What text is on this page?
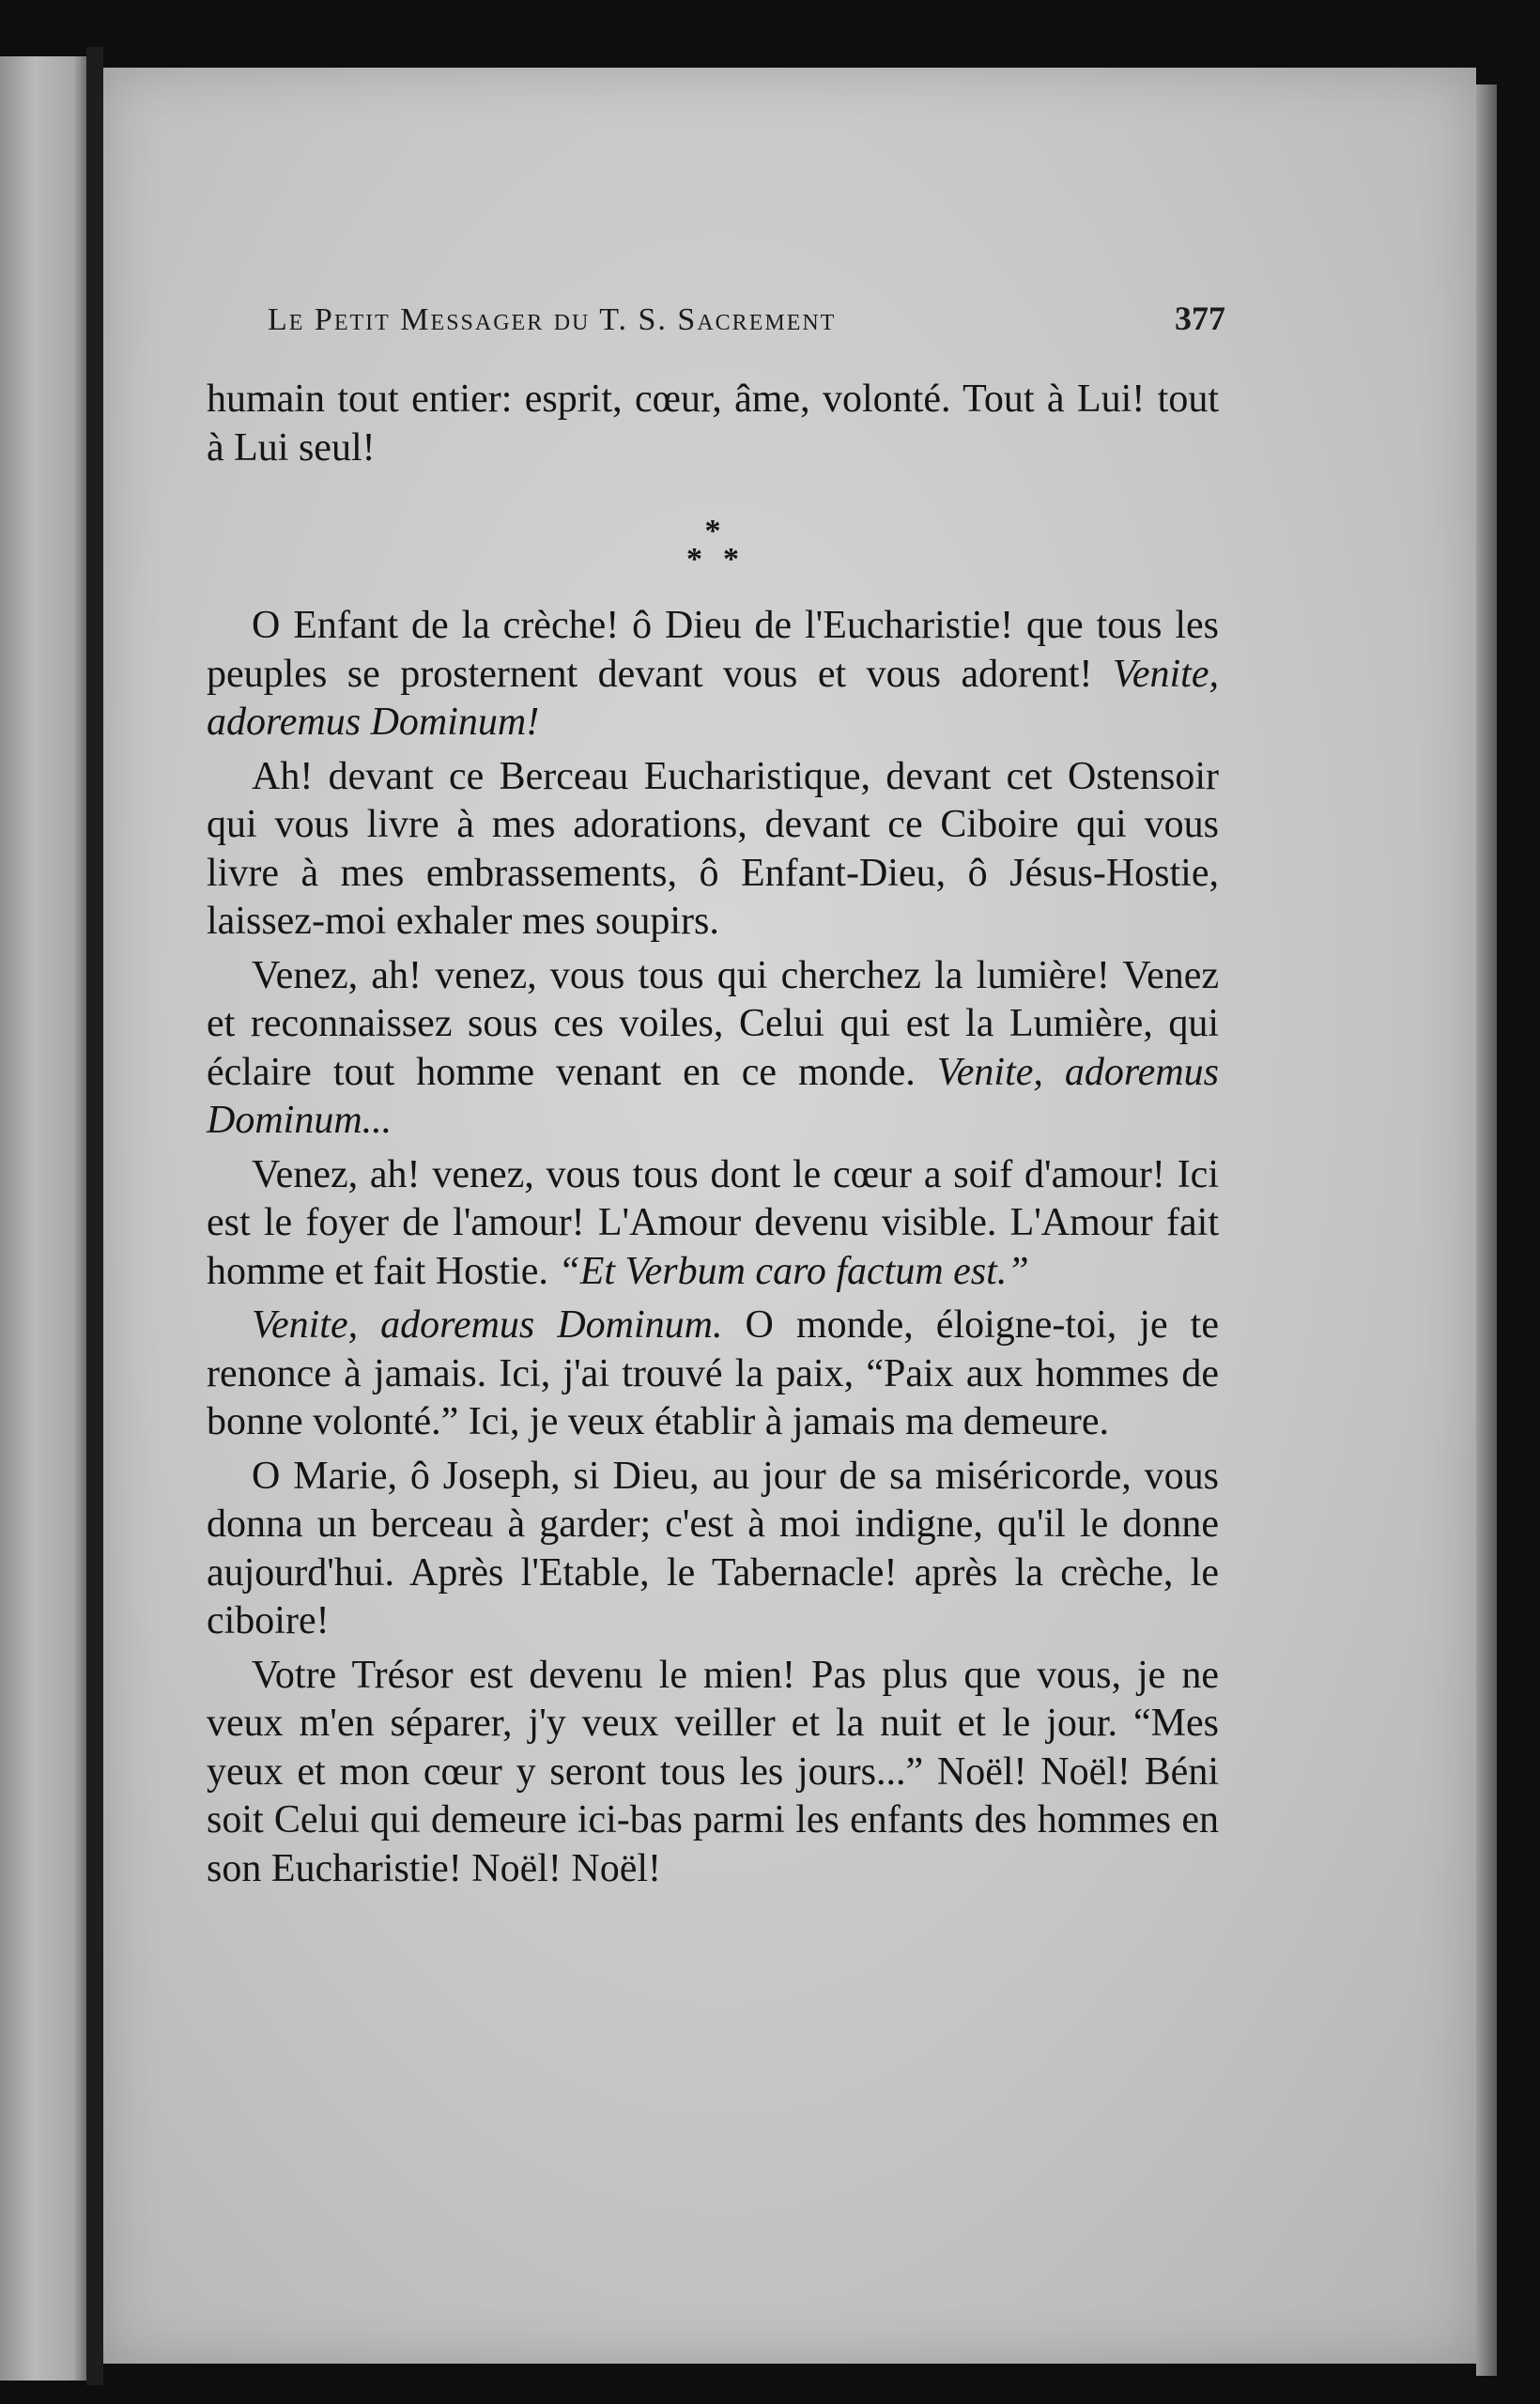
Le Petit Messager du T. S. Sacrement	377

humain tout entier: esprit, cœur, âme, volonté. Tout à Lui! tout à Lui seul!

*
**

O Enfant de la crèche! ô Dieu de l'Eucharistie! que tous les peuples se prosternent devant vous et vous adorent! Venite, adoremus Dominum!

Ah! devant ce Berceau Eucharistique, devant cet Ostensoir qui vous livre à mes adorations, devant ce Ciboire qui vous livre à mes embrassements, ô Enfant-Dieu, ô Jésus-Hostie, laissez-moi exhaler mes soupirs.

Venez, ah! venez, vous tous qui cherchez la lumière! Venez et reconnaissez sous ces voiles, Celui qui est la Lumière, qui éclaire tout homme venant en ce monde. Venite, adoremus Dominum...

Venez, ah! venez, vous tous dont le cœur a soif d'amour! Ici est le foyer de l'amour! L'Amour devenu visible. L'Amour fait homme et fait Hostie. “Et Verbum caro factum est.”

Venite, adoremus Dominum. O monde, éloigne-toi, je te renonce à jamais. Ici, j'ai trouvé la paix, “Paix aux hommes de bonne volonté.” Ici, je veux établir à jamais ma demeure.

O Marie, ô Joseph, si Dieu, au jour de sa miséricorde, vous donna un berceau à garder; c'est à moi indigne, qu'il le donne aujourd'hui. Après l'Etable, le Tabernacle! après la crèche, le ciboire!

Votre Trésor est devenu le mien! Pas plus que vous, je ne veux m'en séparer, j'y veux veiller et la nuit et le jour. “Mes yeux et mon cœur y seront tous les jours...” Noël! Noël! Béni soit Celui qui demeure ici-bas parmi les enfants des hommes en son Eucharistie! Noël! Noël!
